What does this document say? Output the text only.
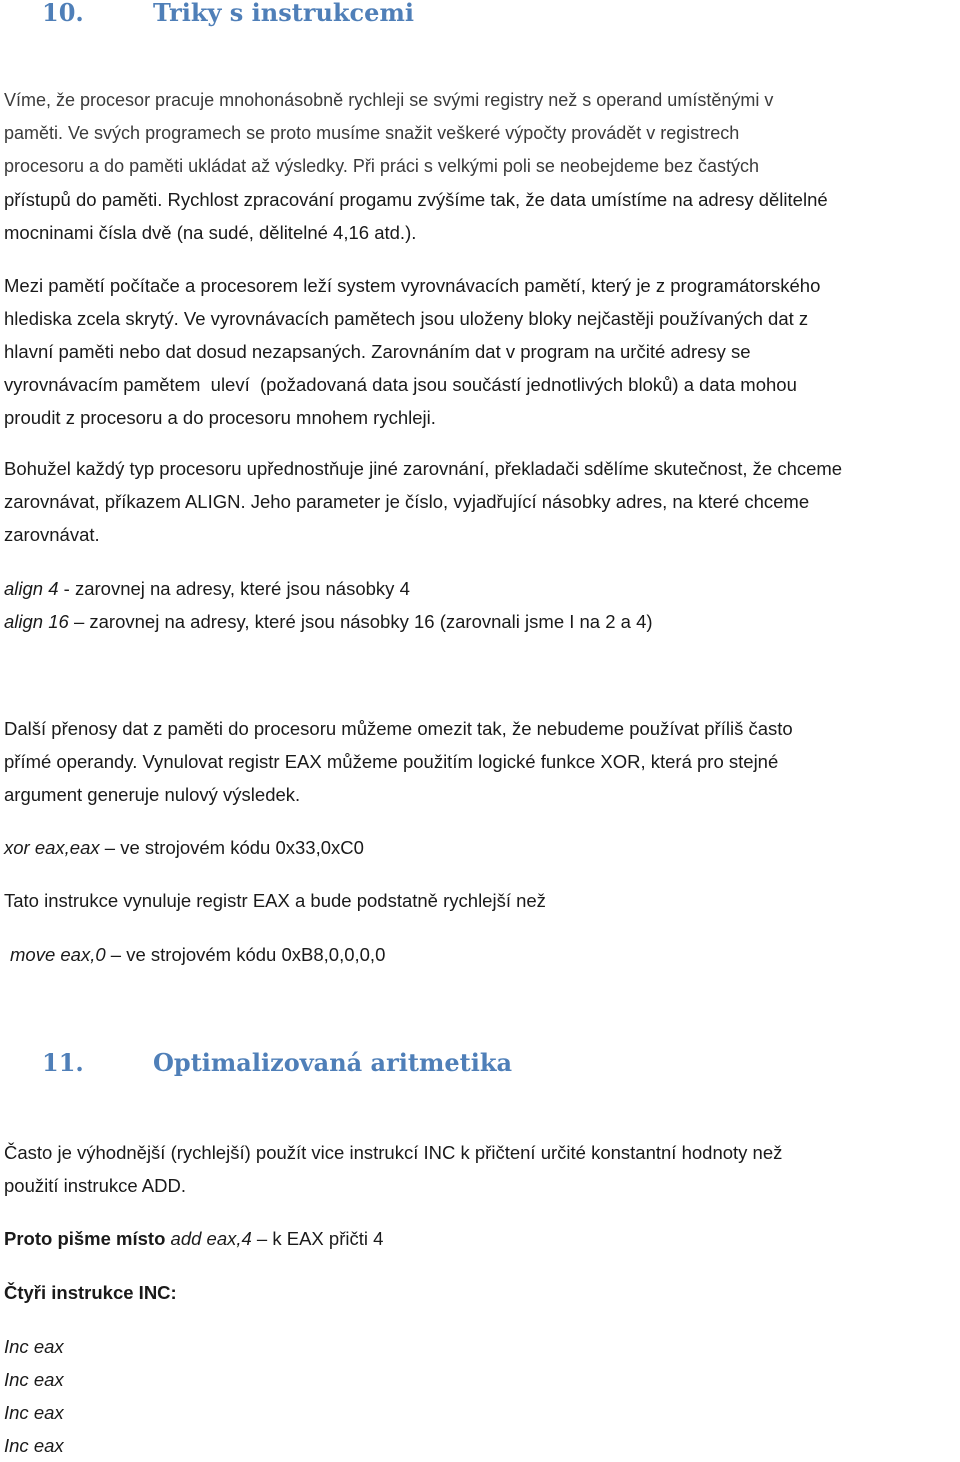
10.	Triky s instrukcemi

Víme, že procesor pracuje mnohonásobně rychleji se svými registry než s operand umístěnými v
paměti. Ve svých programech se proto musíme snažit veškeré výpočty provádět v registrech
procesoru a do paměti ukládat až výsledky. Při práci s velkými poli se neobejdeme bez častých
přístupů do paměti. Rychlost zpracování progamu zvýšíme tak, že data umístíme na adresy dělitelné
mocninami čísla dvě (na sudé, dělitelné 4,16 atd.).

Mezi pamětí počítače a procesorem leží system vyrovnávacích pamětí, který je z programátorského
hlediska zcela skrytý. Ve vyrovnávacích pamětech jsou uloženy bloky nejčastěji používaných dat z
hlavní paměti nebo dat dosud nezapsaných. Zarovnáním dat v program na určité adresy se
vyrovnávacím pamětem  uleví  (požadovaná data jsou součástí jednotlivých bloků) a data mohou
proudit z procesoru a do procesoru mnohem rychleji.

Bohužel každý typ procesoru upřednostňuje jiné zarovnání, překladači sdělíme skutečnost, že chceme
zarovnávat, příkazem ALIGN. Jeho parameter je číslo, vyjadřující násobky adres, na které chceme
zarovnávat.

align 4 - zarovnej na adresy, které jsou násobky 4
align 16 – zarovnej na adresy, které jsou násobky 16 (zarovnali jsme I na 2 a 4)

Další přenosy dat z paměti do procesoru můžeme omezit tak, že nebudeme používat příliš často
přímé operandy. Vynulovat registr EAX můžeme použitím logické funkce XOR, která pro stejné
argument generuje nulový výsledek.

xor eax,eax – ve strojovém kódu 0x33,0xC0

Tato instrukce vynuluje registr EAX a bude podstatně rychlejší než

move eax,0 – ve strojovém kódu 0xB8,0,0,0,0

11.	Optimalizovaná aritmetika

Často je výhodnější (rychlejší) použít vice instrukcí INC k přičtení určité konstantní hodnoty než
použití instrukce ADD.

Proto pišme místo add eax,4 – k EAX přičti 4

Čtyři instrukce INC:

Inc eax
Inc eax
Inc eax
Inc eax
